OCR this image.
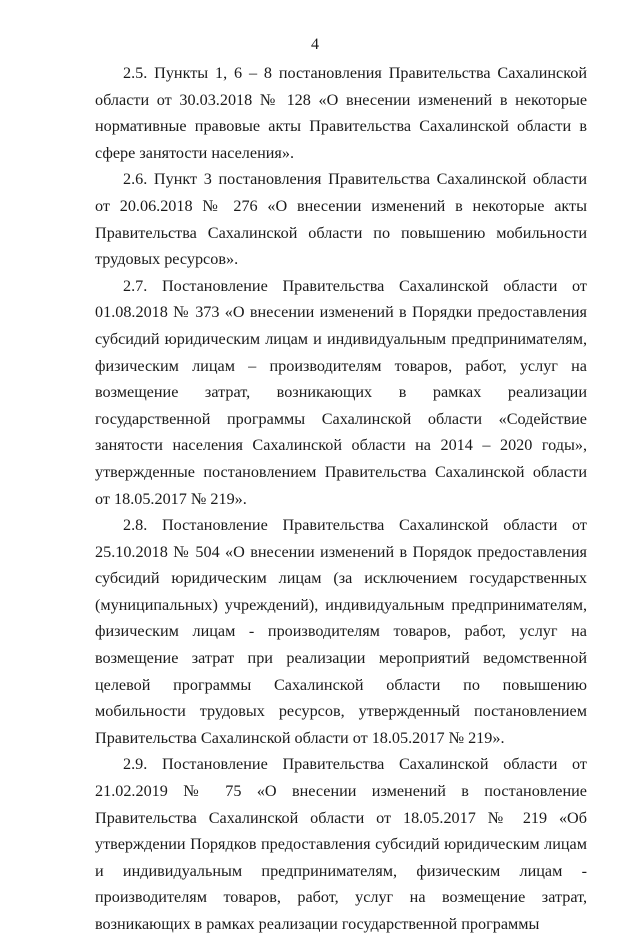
4

2.5. Пункты 1, 6 – 8 постановления Правительства Сахалинской области от 30.03.2018 № 128 «О внесении изменений в некоторые нормативные правовые акты Правительства Сахалинской области в сфере занятости населения».

2.6. Пункт 3 постановления Правительства Сахалинской области от 20.06.2018 № 276 «О внесении изменений в некоторые акты Правительства Сахалинской области по повышению мобильности трудовых ресурсов».

2.7. Постановление Правительства Сахалинской области от 01.08.2018 № 373 «О внесении изменений в Порядки предоставления субсидий юридическим лицам и индивидуальным предпринимателям, физическим лицам – производителям товаров, работ, услуг на возмещение затрат, возникающих в рамках реализации государственной программы Сахалинской области «Содействие занятости населения Сахалинской области на 2014 – 2020 годы», утвержденные постановлением Правительства Сахалинской области от 18.05.2017 № 219».

2.8. Постановление Правительства Сахалинской области от 25.10.2018 № 504 «О внесении изменений в Порядок предоставления субсидий юридическим лицам (за исключением государственных (муниципальных) учреждений), индивидуальным предпринимателям, физическим лицам - производителям товаров, работ, услуг на возмещение затрат при реализации мероприятий ведомственной целевой программы Сахалинской области по повышению мобильности трудовых ресурсов, утвержденный постановлением Правительства Сахалинской области от 18.05.2017 № 219».

2.9. Постановление Правительства Сахалинской области от 21.02.2019 № 75 «О внесении изменений в постановление Правительства Сахалинской области от 18.05.2017 № 219 «Об утверждении Порядков предоставления субсидий юридическим лицам и индивидуальным предпринимателям, физическим лицам - производителям товаров, работ, услуг на возмещение затрат, возникающих в рамках реализации государственной программы
